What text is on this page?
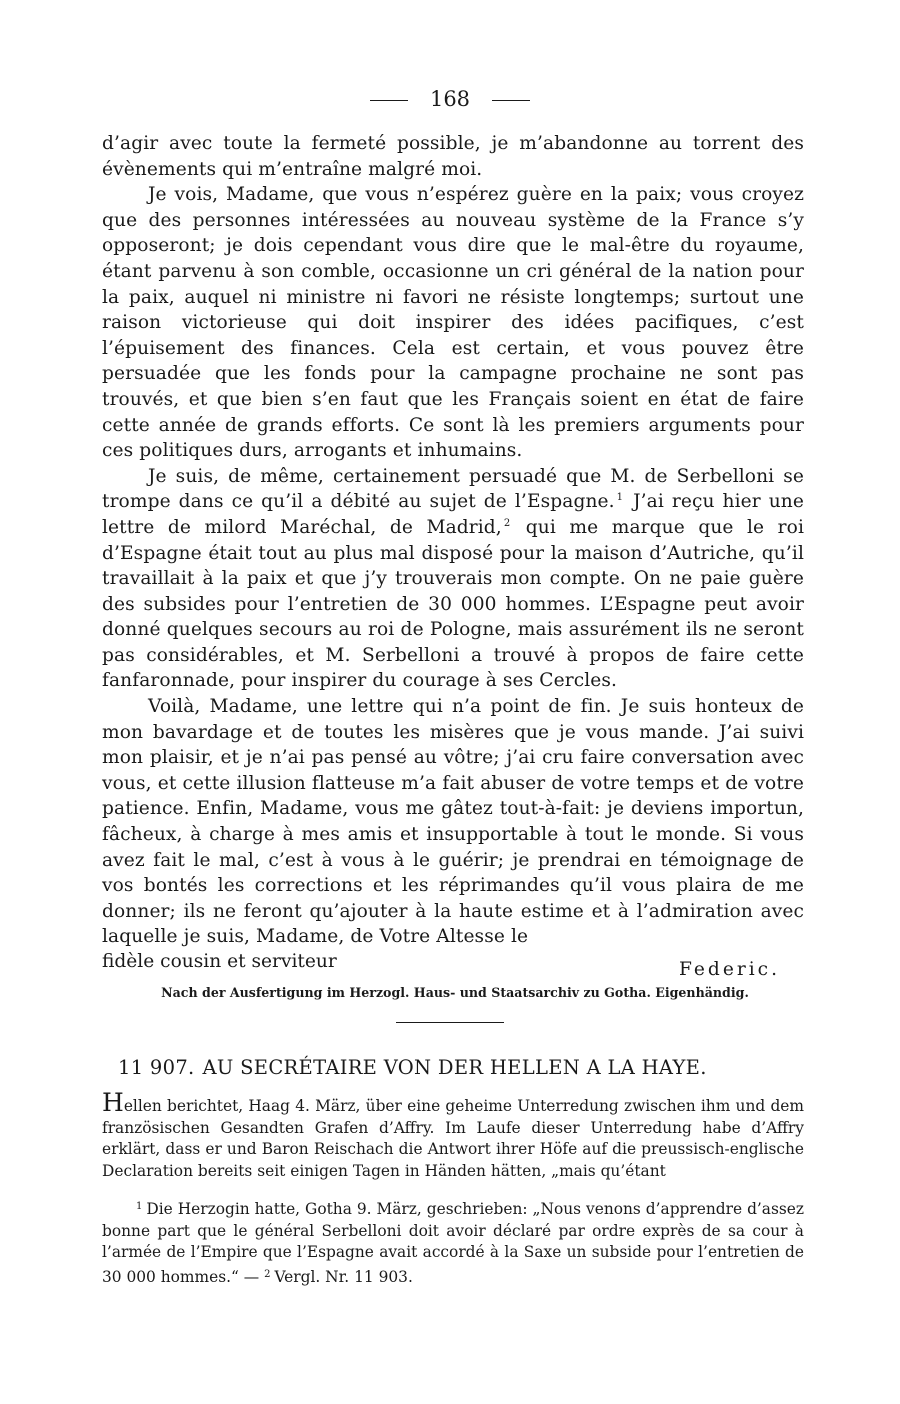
168

d’agir avec toute la fermeté possible, je m’abandonne au torrent des évènements qui m’entraîne malgré moi.

Je vois, Madame, que vous n’espérez guère en la paix; vous croyez que des personnes intéressées au nouveau système de la France s’y opposeront; je dois cependant vous dire que le mal-être du royaume, étant parvenu à son comble, occasionne un cri général de la nation pour la paix, auquel ni ministre ni favori ne résiste longtemps; surtout une raison victorieuse qui doit inspirer des idées pacifiques, c’est l’épuisement des finances. Cela est certain, et vous pouvez être persuadée que les fonds pour la campagne prochaine ne sont pas trouvés, et que bien s’en faut que les Français soient en état de faire cette année de grands efforts. Ce sont là les premiers arguments pour ces politiques durs, arrogants et inhumains.

Je suis, de même, certainement persuadé que M. de Serbelloni se trompe dans ce qu’il a débité au sujet de l’Espagne. $^1$ J’ai reçu hier une lettre de milord Maréchal, de Madrid, $^2$ qui me marque que le roi d’Espagne était tout au plus mal disposé pour la maison d’Autriche, qu’il travaillait à la paix et que j’y trouverais mon compte. On ne paie guère des subsides pour l’entretien de 30 000 hommes. L’Espagne peut avoir donné quelques secours au roi de Pologne, mais assurément ils ne seront pas considérables, et M. Serbelloni a trouvé à propos de faire cette fanfaronnade, pour inspirer du courage à ses Cercles.

Voilà, Madame, une lettre qui n’a point de fin. Je suis honteux de mon bavardage et de toutes les misères que je vous mande. J’ai suivi mon plaisir, et je n’ai pas pensé au vôtre; j’ai cru faire conversation avec vous, et cette illusion flatteuse m’a fait abuser de votre temps et de votre patience. Enfin, Madame, vous me gâtez tout-à-fait: je deviens importun, fâcheux, à charge à mes amis et insupportable à tout le monde. Si vous avez fait le mal, c’est à vous à le guérir; je prendrai en témoignage de vos bontés les corrections et les réprimandes qu’il vous plaira de me donner; ils ne feront qu’ajouter à la haute estime et à l’admiration avec laquelle je suis, Madame, de Votre Altesse le

fidèle cousin et serviteur	Federic.
Nach der Ausfertigung im Herzogl. Haus- und Staatsarchiv zu Gotha. Eigenhändig.
11 907. AU SECRÉTAIRE VON DER HELLEN A LA HAYE.
Hellen berichtet, Haag 4. März, über eine geheime Unterredung zwischen ihm und dem französischen Gesandten Grafen d’Affry. Im Laufe dieser Unterredung habe d’Affry erklärt, dass er und Baron Reischach die Antwort ihrer Höfe auf die preussisch-englische Declaration bereits seit einigen Tagen in Händen hätten, „mais qu’étant

$^1$ Die Herzogin hatte, Gotha 9. März, geschrieben: „Nous venons d’apprendre d’assez bonne part que le général Serbelloni doit avoir déclaré par ordre exprès de sa cour à l’armée de l’Empire que l’Espagne avait accordé à la Saxe un subside pour l’entretien de 30 000 hommes.“ — $^2$ Vergl. Nr. 11 903.
